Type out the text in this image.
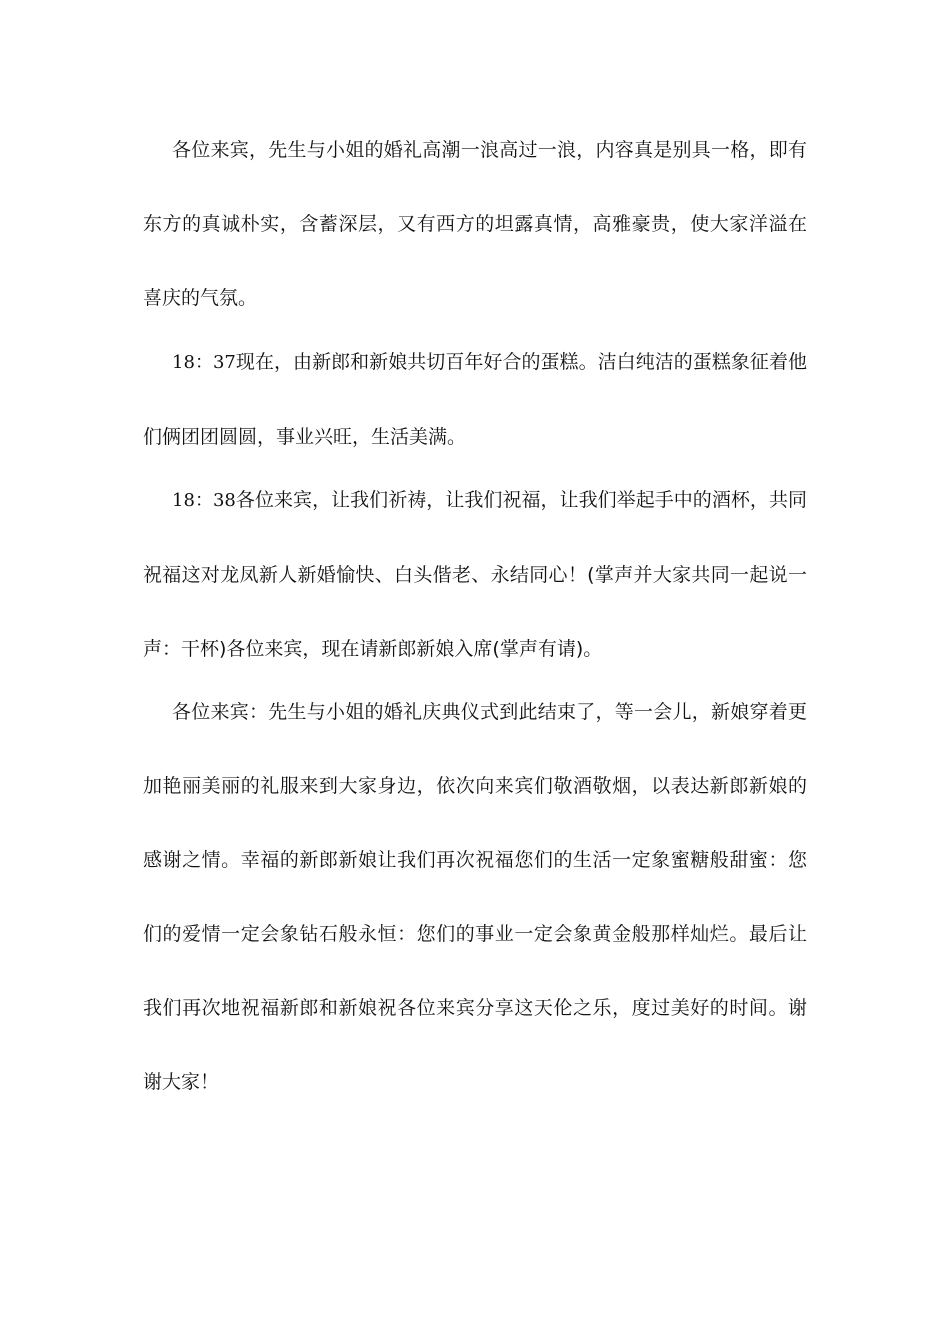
各位来宾，先生与小姐的婚礼高潮一浪高过一浪，内容真是别具一格，即有东方的真诚朴实，含蓄深层，又有西方的坦露真情，高雅豪贵，使大家洋溢在喜庆的气氛。

18：37现在，由新郎和新娘共切百年好合的蛋糕。洁白纯洁的蛋糕象征着他们俩团团圆圆，事业兴旺，生活美满。

18：38各位来宾，让我们祈祷，让我们祝福，让我们举起手中的酒杯，共同祝福这对龙凤新人新婚愉快、白头偕老、永结同心！(掌声并大家共同一起说一声：干杯)各位来宾，现在请新郎新娘入席(掌声有请)。

各位来宾：先生与小姐的婚礼庆典仪式到此结束了，等一会儿，新娘穿着更加艳丽美丽的礼服来到大家身边，依次向来宾们敬酒敬烟，以表达新郎新娘的感谢之情。幸福的新郎新娘让我们再次祝福您们的生活一定象蜜糖般甜蜜：您们的爱情一定会象钻石般永恒：您们的事业一定会象黄金般那样灿烂。最后让我们再次地祝福新郎和新娘祝各位来宾分享这天伦之乐，度过美好的时间。谢谢大家！
